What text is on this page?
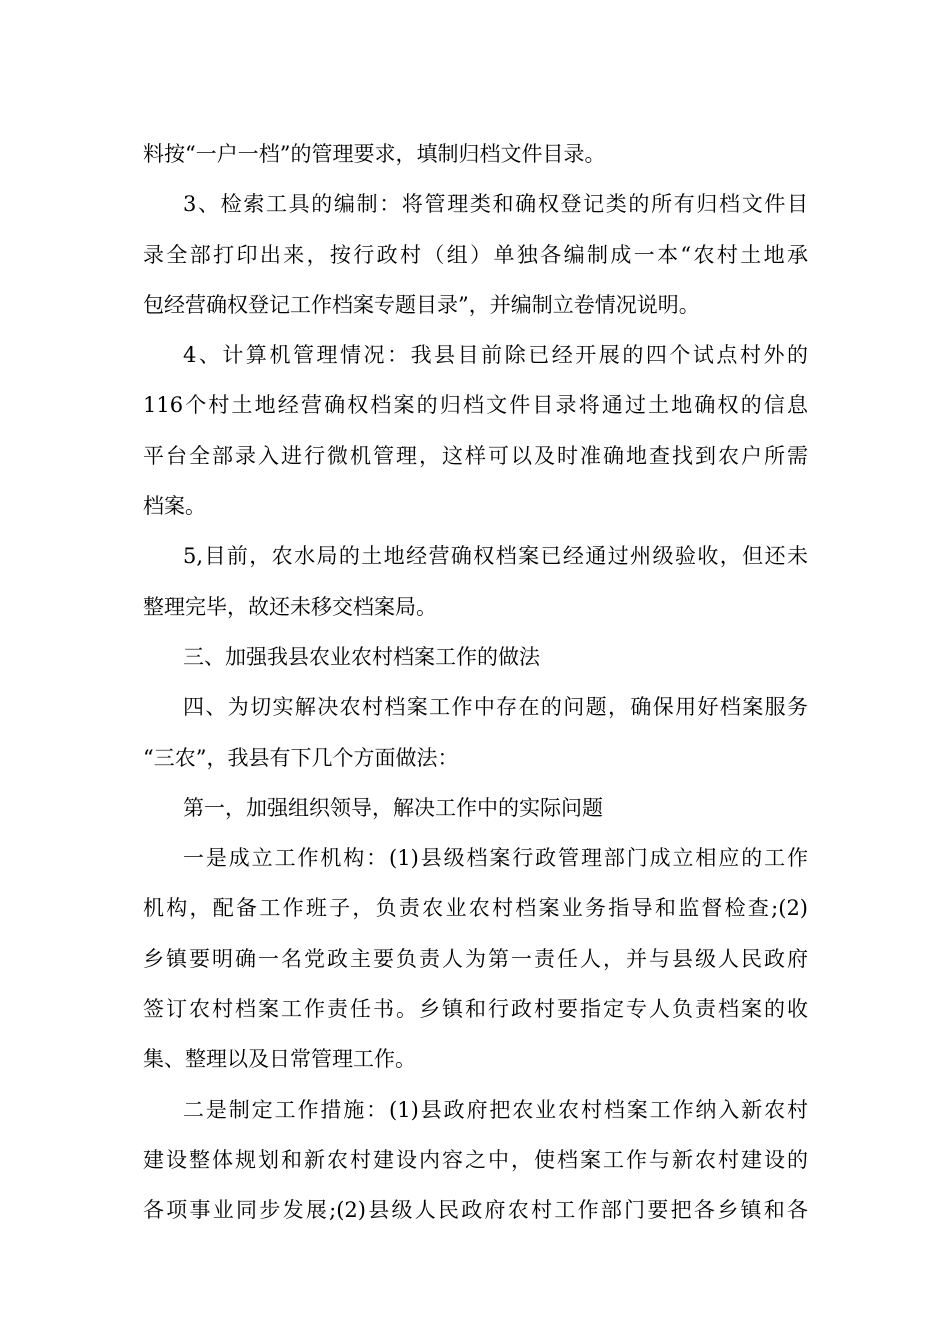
料按“一户一档”的管理要求，填制归档文件目录。
3、检索工具的编制：将管理类和确权登记类的所有归档文件目
录全部打印出来，按行政村（组）单独各编制成一本“农村土地承
包经营确权登记工作档案专题目录”，并编制立卷情况说明。
4、计算机管理情况：我县目前除已经开展的四个试点村外的
116个村土地经营确权档案的归档文件目录将通过土地确权的信息
平台全部录入进行微机管理，这样可以及时准确地查找到农户所需
档案。
5,目前，农水局的土地经营确权档案已经通过州级验收，但还未
整理完毕，故还未移交档案局。
三、加强我县农业农村档案工作的做法
四、为切实解决农村档案工作中存在的问题，确保用好档案服务
“三农”，我县有下几个方面做法：
第一，加强组织领导，解决工作中的实际问题
一是成立工作机构：(1)县级档案行政管理部门成立相应的工作
机构，配备工作班子，负责农业农村档案业务指导和监督检查;(2)
乡镇要明确一名党政主要负责人为第一责任人，并与县级人民政府
签订农村档案工作责任书。乡镇和行政村要指定专人负责档案的收
集、整理以及日常管理工作。
二是制定工作措施：(1)县政府把农业农村档案工作纳入新农村
建设整体规划和新农村建设内容之中，使档案工作与新农村建设的
各项事业同步发展;(2)县级人民政府农村工作部门要把各乡镇和各
